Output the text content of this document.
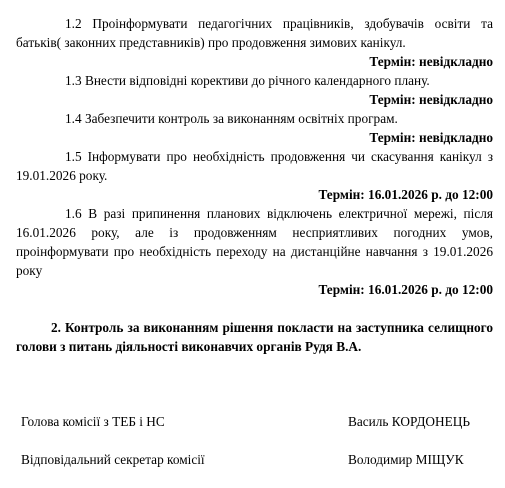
1.2 Проінформувати педагогічних працівників, здобувачів освіти та батьків( законних представників) про продовження зимових канікул.

Термін: невідкладно

1.3 Внести відповідні корективи до річного календарного плану.

Термін: невідкладно

1.4 Забезпечити контроль за виконанням освітніх програм.

Термін: невідкладно

1.5 Інформувати про необхідність продовження чи скасування канікул з 19.01.2026 року.

Термін: 16.01.2026 р. до 12:00

1.6 В разі припинення планових відключень електричної мережі, після 16.01.2026 року, але із продовженням несприятливих погодних умов, проінформувати про необхідність переходу на дистанційне навчання з 19.01.2026 року

Термін: 16.01.2026 р. до 12:00

2. Контроль за виконанням рішення покласти на заступника селищного голови з питань діяльності виконавчих органів Рудя В.А.

Голова комісії з ТЕБ і НС	Василь КОРДОНЕЦЬ
Відповідальний секретар комісії	Володимир МІЩУК
